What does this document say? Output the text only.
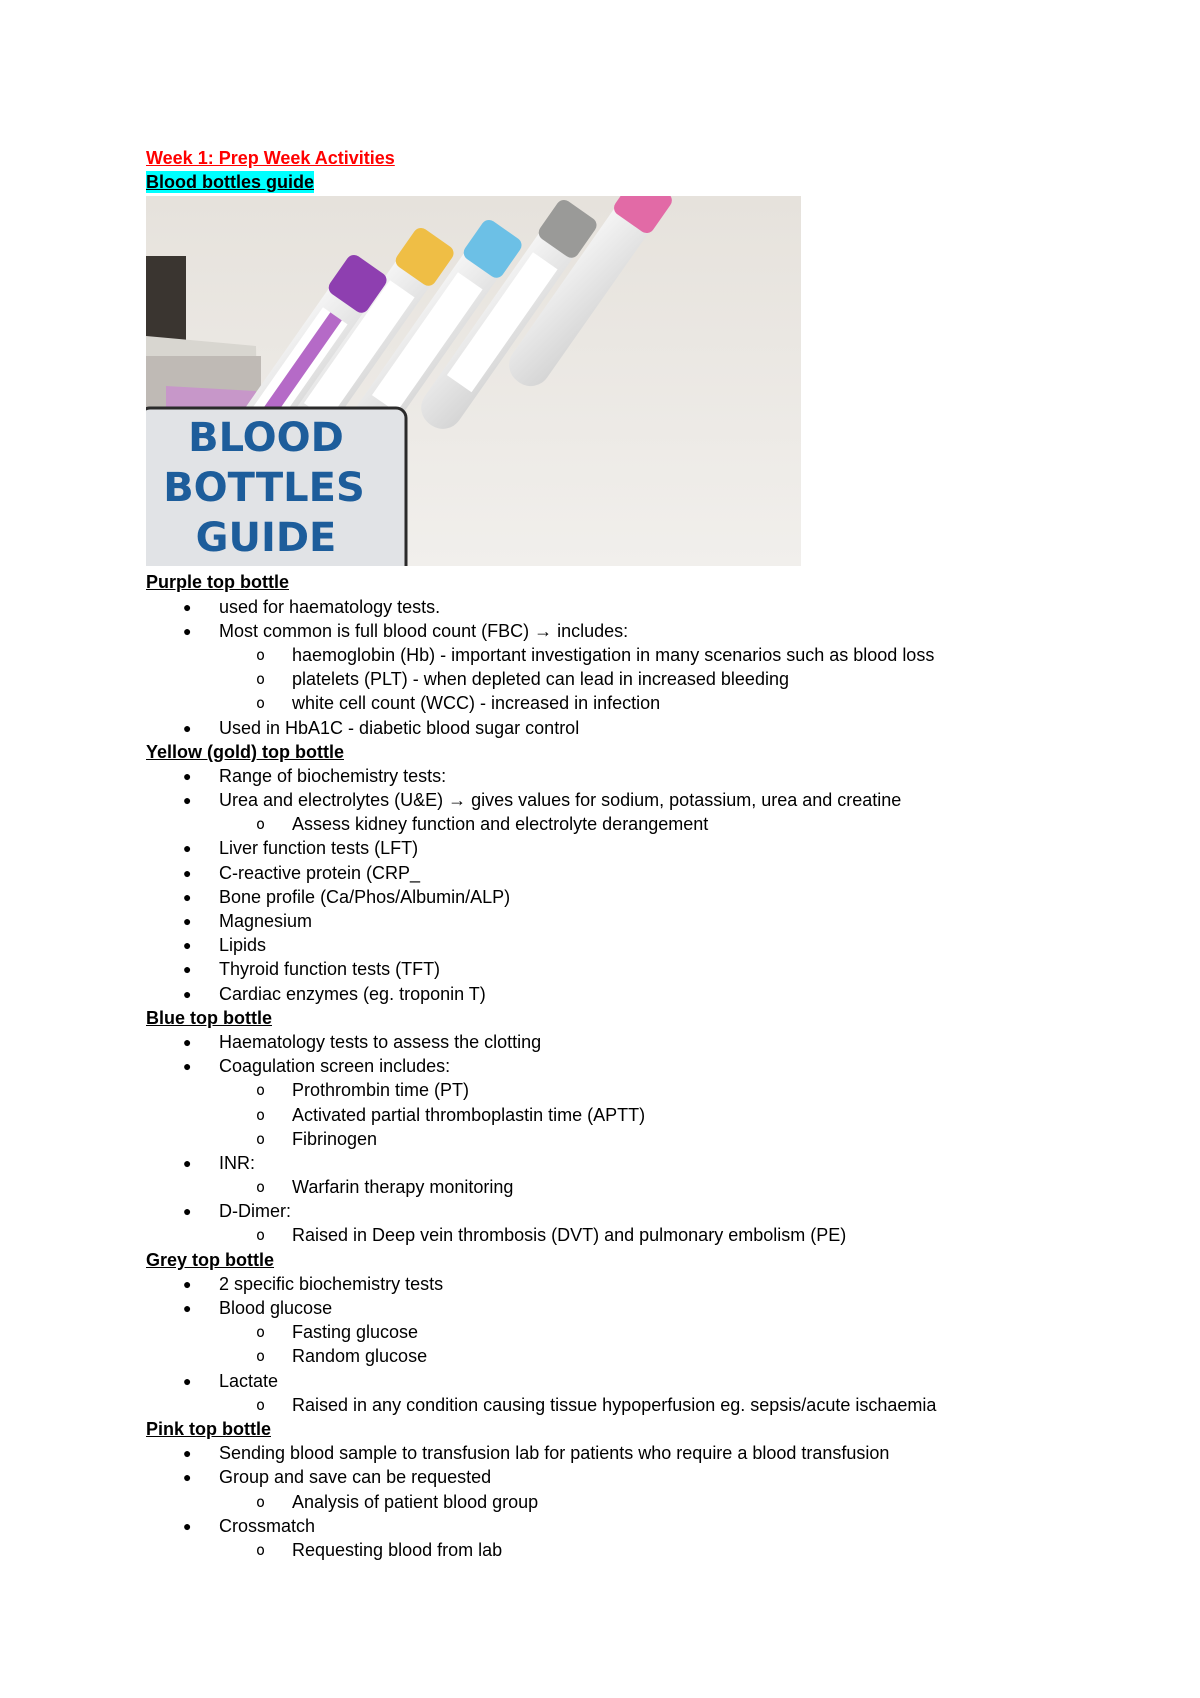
Week 1: Prep Week Activities
Blood bottles guide
BLOOD
BOTTLES
GUIDE
Purple top bottle
● used for haematology tests.
● Most common is full blood count (FBC) → includes:
o haemoglobin (Hb) - important investigation in many scenarios such as blood loss
o platelets (PLT) - when depleted can lead in increased bleeding
o white cell count (WCC) - increased in infection
● Used in HbA1C - diabetic blood sugar control
Yellow (gold) top bottle
● Range of biochemistry tests:
● Urea and electrolytes (U&E) → gives values for sodium, potassium, urea and creatine
o Assess kidney function and electrolyte derangement
● Liver function tests (LFT)
● C-reactive protein (CRP_
● Bone profile (Ca/Phos/Albumin/ALP)
● Magnesium
● Lipids
● Thyroid function tests (TFT)
● Cardiac enzymes (eg. troponin T)
Blue top bottle
● Haematology tests to assess the clotting
● Coagulation screen includes:
o Prothrombin time (PT)
o Activated partial thromboplastin time (APTT)
o Fibrinogen
● INR:
o Warfarin therapy monitoring
● D-Dimer:
o Raised in Deep vein thrombosis (DVT) and pulmonary embolism (PE)
Grey top bottle
● 2 specific biochemistry tests
● Blood glucose
o Fasting glucose
o Random glucose
● Lactate
o Raised in any condition causing tissue hypoperfusion eg. sepsis/acute ischaemia
Pink top bottle
● Sending blood sample to transfusion lab for patients who require a blood transfusion
● Group and save can be requested
o Analysis of patient blood group
● Crossmatch
o Requesting blood from lab
